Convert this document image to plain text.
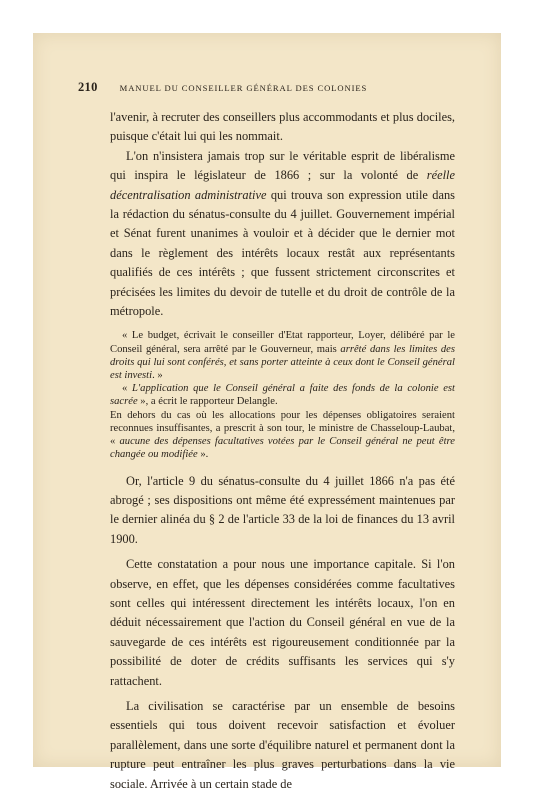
210	MANUEL DU CONSEILLER GÉNÉRAL DES COLONIES

l'avenir, à recruter des conseillers plus accommodants et plus dociles, puisque c'était lui qui les nommait.

L'on n'insistera jamais trop sur le véritable esprit de libéralisme qui inspira le législateur de 1866 ; sur la volonté de réelle décentralisation administrative qui trouva son expression utile dans la rédaction du sénatus-consulte du 4 juillet. Gouvernement impérial et Sénat furent unanimes à vouloir et à décider que le dernier mot dans le règlement des intérêts locaux restât aux représentants qualifiés de ces intérêts ; que fussent strictement circonscrites et précisées les limites du devoir de tutelle et du droit de contrôle de la métropole.

« Le budget, écrivait le conseiller d'Etat rapporteur, Loyer, délibéré par le Conseil général, sera arrêté par le Gouverneur, mais arrêté dans les limites des droits qui lui sont conférés, et sans porter atteinte à ceux dont le Conseil général est investi. »

« L'application que le Conseil général a faite des fonds de la colonie est sacrée », a écrit le rapporteur Delangle.

En dehors du cas où les allocations pour les dépenses obligatoires seraient reconnues insuffisantes, a prescrit à son tour, le ministre de Chasseloup-Laubat, « aucune des dépenses facultatives votées par le Conseil général ne peut être changée ou modifiée ».

Or, l'article 9 du sénatus-consulte du 4 juillet 1866 n'a pas été abrogé ; ses dispositions ont même été expressément maintenues par le dernier alinéa du § 2 de l'article 33 de la loi de finances du 13 avril 1900.

Cette constatation a pour nous une importance capitale. Si l'on observe, en effet, que les dépenses considérées comme facultatives sont celles qui intéressent directement les intérêts locaux, l'on en déduit nécessairement que l'action du Conseil général en vue de la sauvegarde de ces intérêts est rigoureusement conditionnée par la possibilité de doter de crédits suffisants les services qui s'y rattachent.

La civilisation se caractérise par un ensemble de besoins essentiels qui tous doivent recevoir satisfaction et évoluer parallèlement, dans une sorte d'équilibre naturel et permanent dont la rupture peut entraîner les plus graves perturbations dans la vie sociale. Arrivée à un certain stade de
